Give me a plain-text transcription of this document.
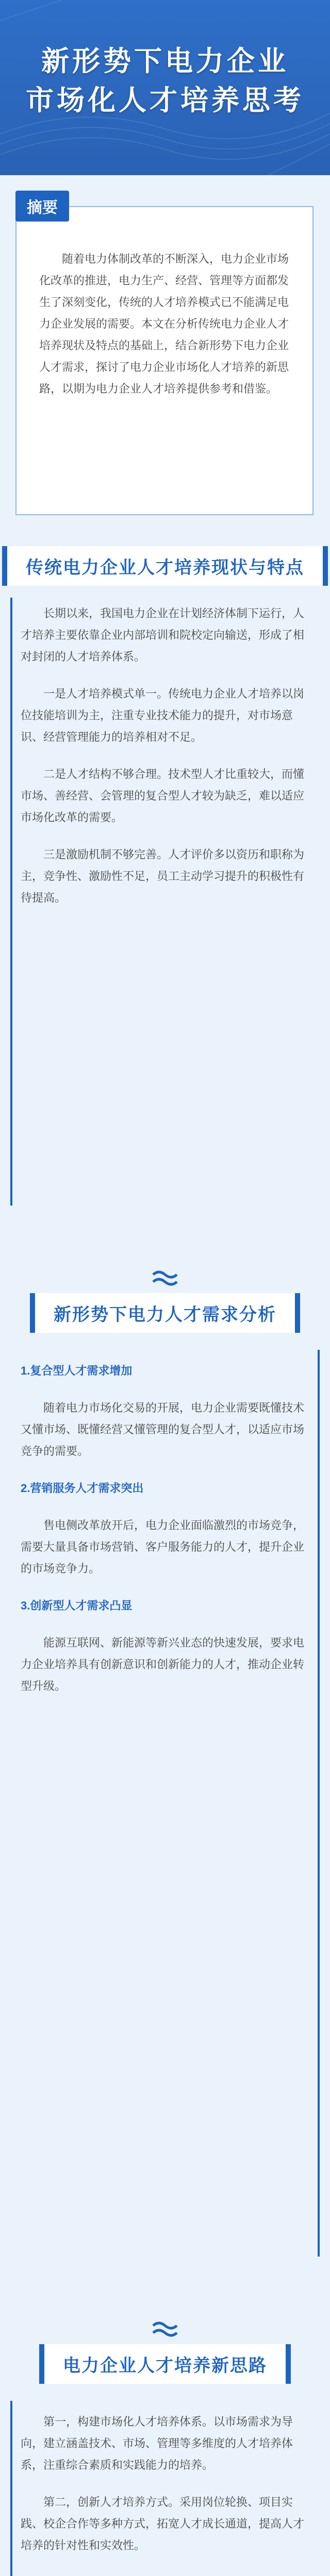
新形势下电力企业
市场化人才培养思考

随着电力体制改革的不断深入，电力企业市场化改革的推进，电力生产、经营、管理等方面都发生了深刻变化，传统的人才培养模式已不能满足电力企业发展的需要。本文在分析传统电力企业人才培养现状及特点的基础上，结合新形势下电力企业人才需求，探讨了电力企业市场化人才培养的新思路，以期为电力企业人才培养提供参考和借鉴。

摘要
传统电力企业人才培养现状与特点

长期以来，我国电力企业在计划经济体制下运行，人才培养主要依靠企业内部培训和院校定向输送，形成了相对封闭的人才培养体系。

一是人才培养模式单一。传统电力企业人才培养以岗位技能培训为主，注重专业技术能力的提升，对市场意识、经营管理能力的培养相对不足。

二是人才结构不够合理。技术型人才比重较大，而懂市场、善经营、会管理的复合型人才较为缺乏，难以适应市场化改革的需要。

三是激励机制不够完善。人才评价多以资历和职称为主，竞争性、激励性不足，员工主动学习提升的积极性有待提高。

新形势下电力人才需求分析

1.复合型人才需求增加

随着电力市场化交易的开展，电力企业需要既懂技术又懂市场、既懂经营又懂管理的复合型人才，以适应市场竞争的需要。

2.营销服务人才需求突出

售电侧改革放开后，电力企业面临激烈的市场竞争，需要大量具备市场营销、客户服务能力的人才，提升企业的市场竞争力。

3.创新型人才需求凸显

能源互联网、新能源等新兴业态的快速发展，要求电力企业培养具有创新意识和创新能力的人才，推动企业转型升级。

电力企业人才培养新思路

第一，构建市场化人才培养体系。以市场需求为导向，建立涵盖技术、市场、管理等多维度的人才培养体系，注重综合素质和实践能力的培养。

第二，创新人才培养方式。采用岗位轮换、项目实践、校企合作等多种方式，拓宽人才成长通道，提高人才培养的针对性和实效性。
